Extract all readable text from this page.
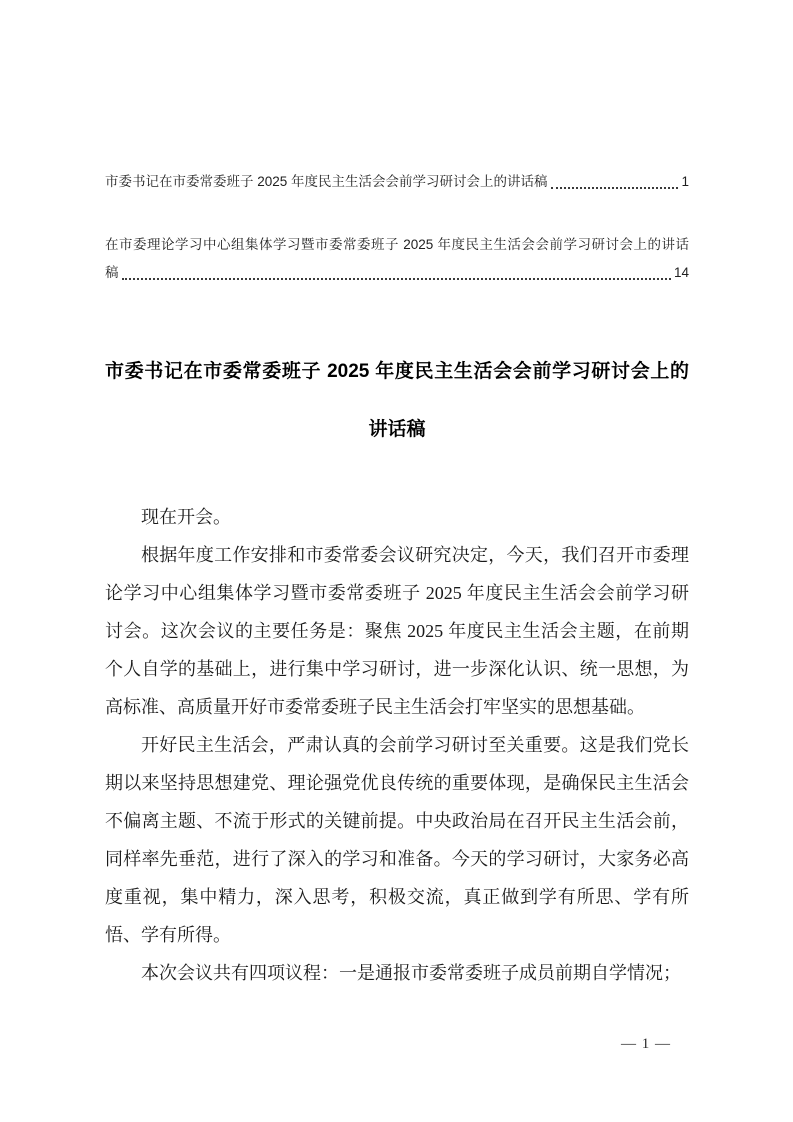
市委书记在市委常委班子 2025 年度民主生活会会前学习研讨会上的讲话稿	1
在市委理论学习中心组集体学习暨市委常委班子 2025 年度民主生活会会前学习研讨会上的讲话
稿	14
市委书记在市委常委班子 2025 年度民主生活会会前学习研讨会上的
讲话稿

现在开会。

根据年度工作安排和市委常委会议研究决定，今天，我们召开市委理论学习中心组集体学习暨市委常委班子 2025 年度民主生活会会前学习研讨会。这次会议的主要任务是：聚焦 2025 年度民主生活会主题，在前期个人自学的基础上，进行集中学习研讨，进一步深化认识、统一思想，为高标准、高质量开好市委常委班子民主生活会打牢坚实的思想基础。

开好民主生活会，严肃认真的会前学习研讨至关重要。这是我们党长期以来坚持思想建党、理论强党优良传统的重要体现，是确保民主生活会不偏离主题、不流于形式的关键前提。中央政治局在召开民主生活会前，同样率先垂范，进行了深入的学习和准备。今天的学习研讨，大家务必高度重视，集中精力，深入思考，积极交流，真正做到学有所思、学有所悟、学有所得。

本次会议共有四项议程：一是通报市委常委班子成员前期自学情况；

— 1 —
